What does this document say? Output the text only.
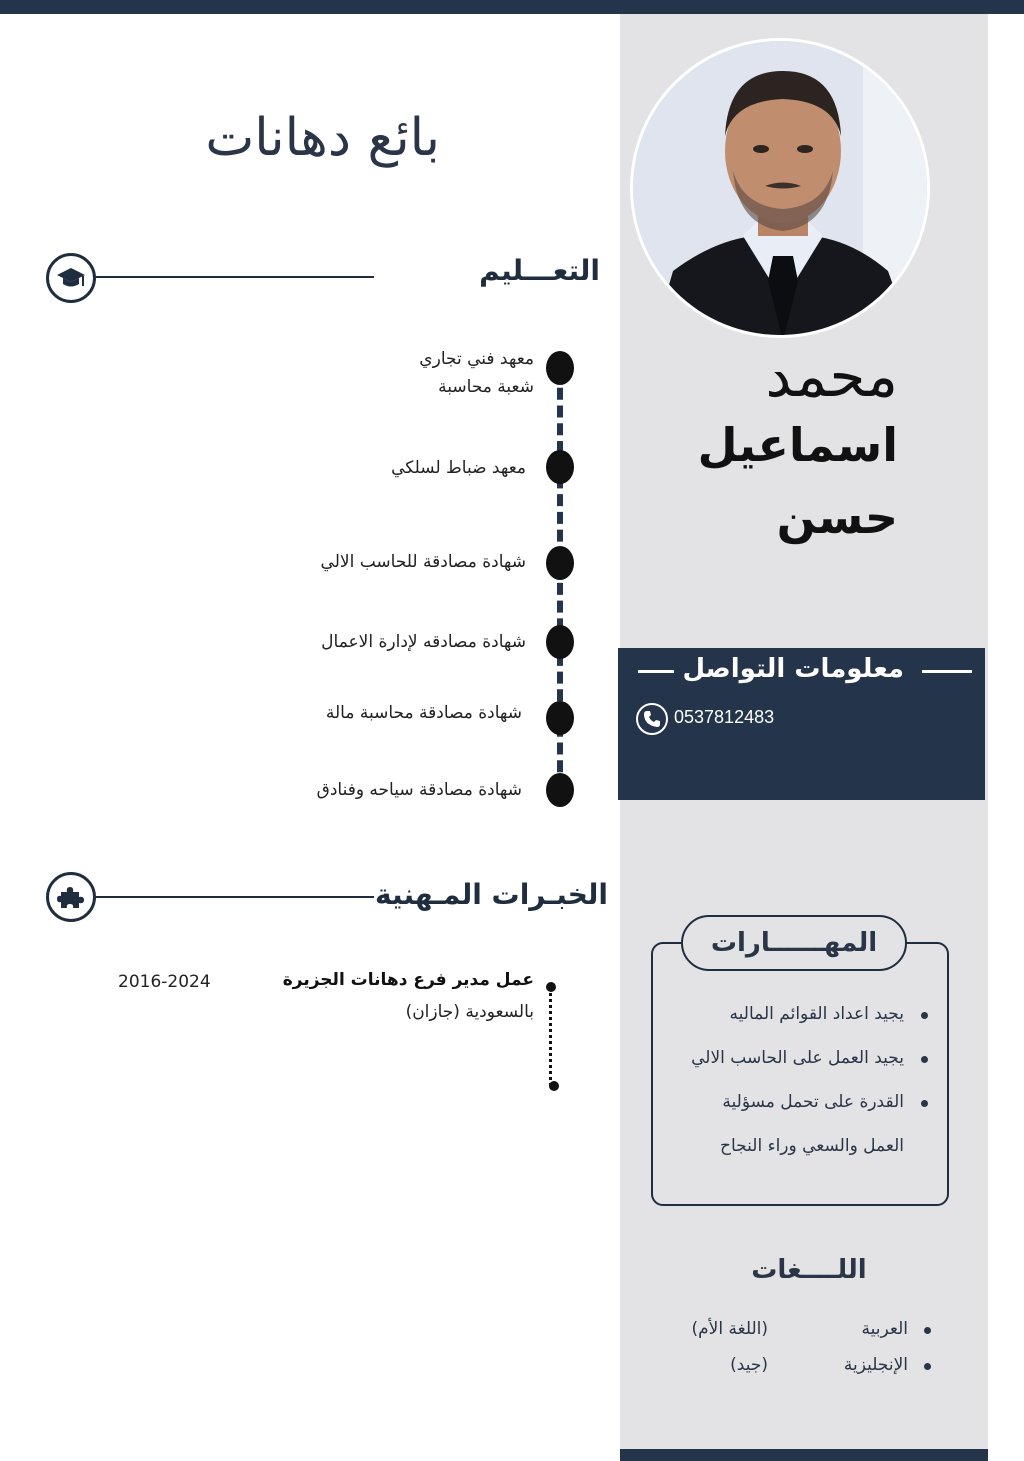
بائع دهانات
محمد
اسماعيل
حسن
التعـــليم
معهد فني تجاري
شعبة محاسبة
معهد ضباط لسلكي
شهادة مصادقة للحاسب الالي
شهادة مصادقه لإدارة الاعمال
شهادة مصادقة محاسبة مالة
شهادة مصادقة سياحه وفنادق
الخبـرات المـهنية
عمل مدير فرع دهانات الجزيرة
بالسعودية (جازان)
2016-2024
معلومات التواصل
0537812483
المهــــــارات
يجيد اعداد القوائم الماليه
يجيد العمل على الحاسب الالي
القدرة على تحمل مسؤلية
العمل والسعي وراء النجاح
اللــــغات
العربية
(اللغة الأم)
الإنجليزية
(جيد)
